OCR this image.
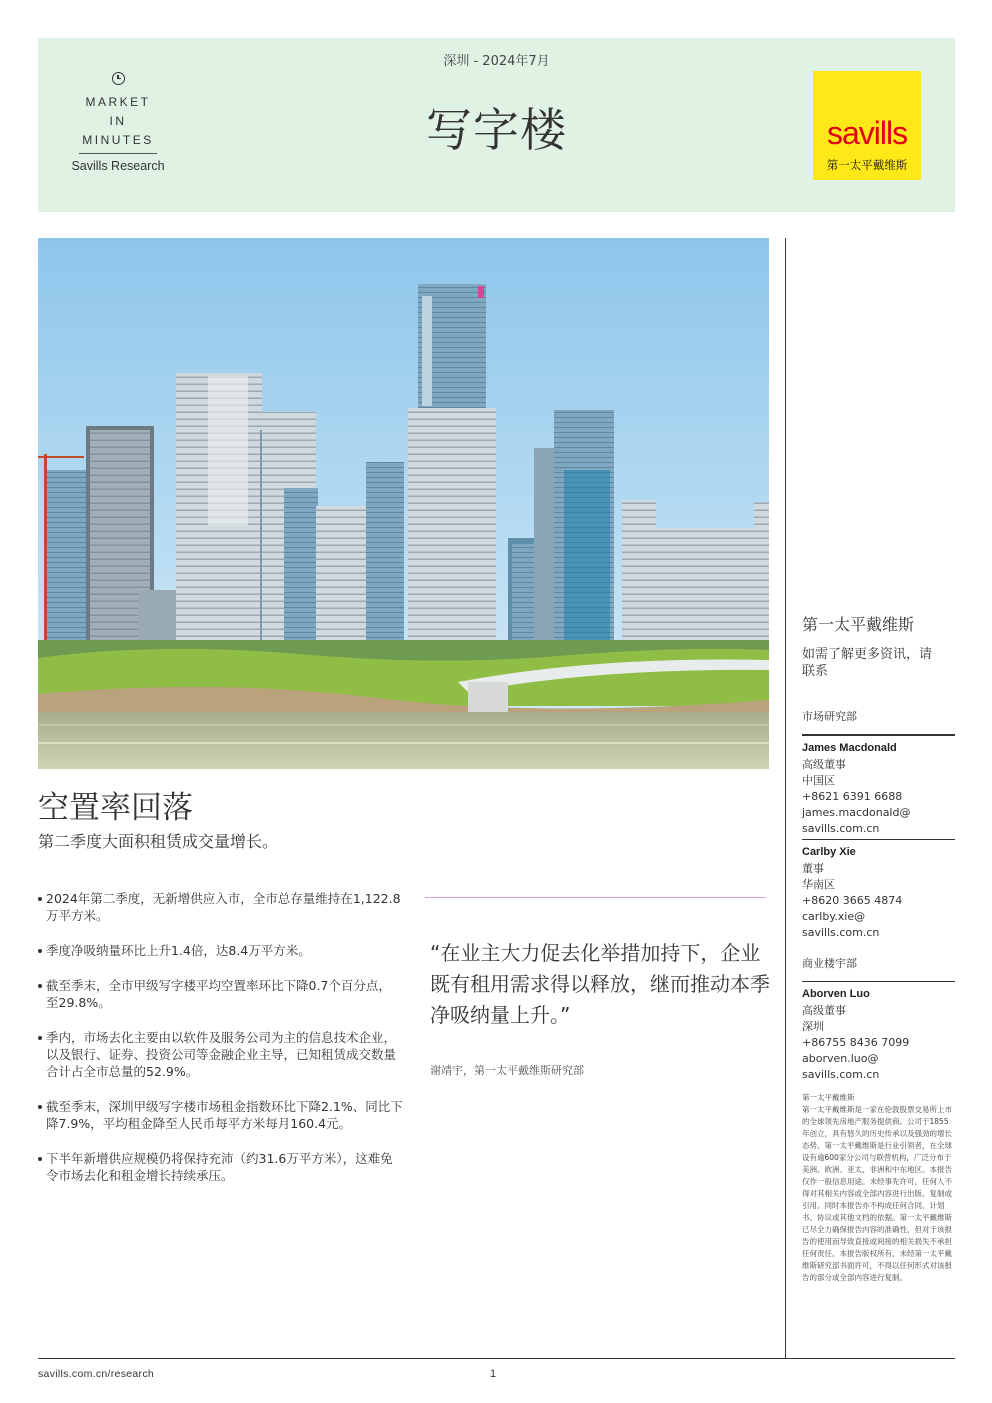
MARKET
IN
MINUTES
Savills Research
深圳 - 2024年7月
写字楼	savills
第一太平戴维斯
空置率回落
第二季度大面积租赁成交量增长。
2024年第二季度，无新增供应入市，全市总存量维持在1,122.8万平方米。
季度净吸纳量环比上升1.4倍，达8.4万平方米。
截至季末，全市甲级写字楼平均空置率环比下降0.7个百分点，至29.8%。
季内，市场去化主要由以软件及服务公司为主的信息技术企业，以及银行、证券、投资公司等金融企业主导，已知租赁成交数量合计占全市总量的52.9%。
截至季末，深圳甲级写字楼市场租金指数环比下降2.1%、同比下降7.9%，平均租金降至人民币每平方米每月160.4元。
下半年新增供应规模仍将保持充沛（约31.6万平方米），这难免令市场去化和租金增长持续承压。
“在业主大力促去化举措加持下，企业既有租用需求得以释放，继而推动本季净吸纳量上升。”
谢靖宇，第一太平戴维斯研究部
第一太平戴维斯
如需了解更多资讯，请联系
市场研究部
James Macdonald
高级董事
中国区
+8621 6391 6688
james.macdonald@
savills.com.cn
Carlby Xie
董事
华南区
+8620 3665 4874
carlby.xie@
savills.com.cn
商业楼宇部
Aborven Luo
高级董事
深圳
+86755 8436 7099
aborven.luo@
savills.com.cn
第一太平戴维斯
第一太平戴维斯是一家在伦敦股票交易所上市的全球领先房地产服务提供商。公司于1855年创立，具有悠久的历史传承以及强劲的增长态势。第一太平戴维斯是行业引领者，在全球设有逾600家分公司与联营机构，广泛分布于美洲、欧洲、亚太、非洲和中东地区。本报告仅作一般信息用途。未经事先许可，任何人不得对其相关内容或全部内容进行出版、复制或引用。同时本报告亦不构成任何合同、计划书、协议或其他文档的依据。第一太平戴维斯已尽全力确保报告内容的准确性，但对于该报告的使用而导致直接或间接的相关损失不承担任何责任。本报告版权所有，未经第一太平戴维斯研究部书面许可，不得以任何形式对该报告的部分或全部内容进行复制。
savills.com.cn/research	1
